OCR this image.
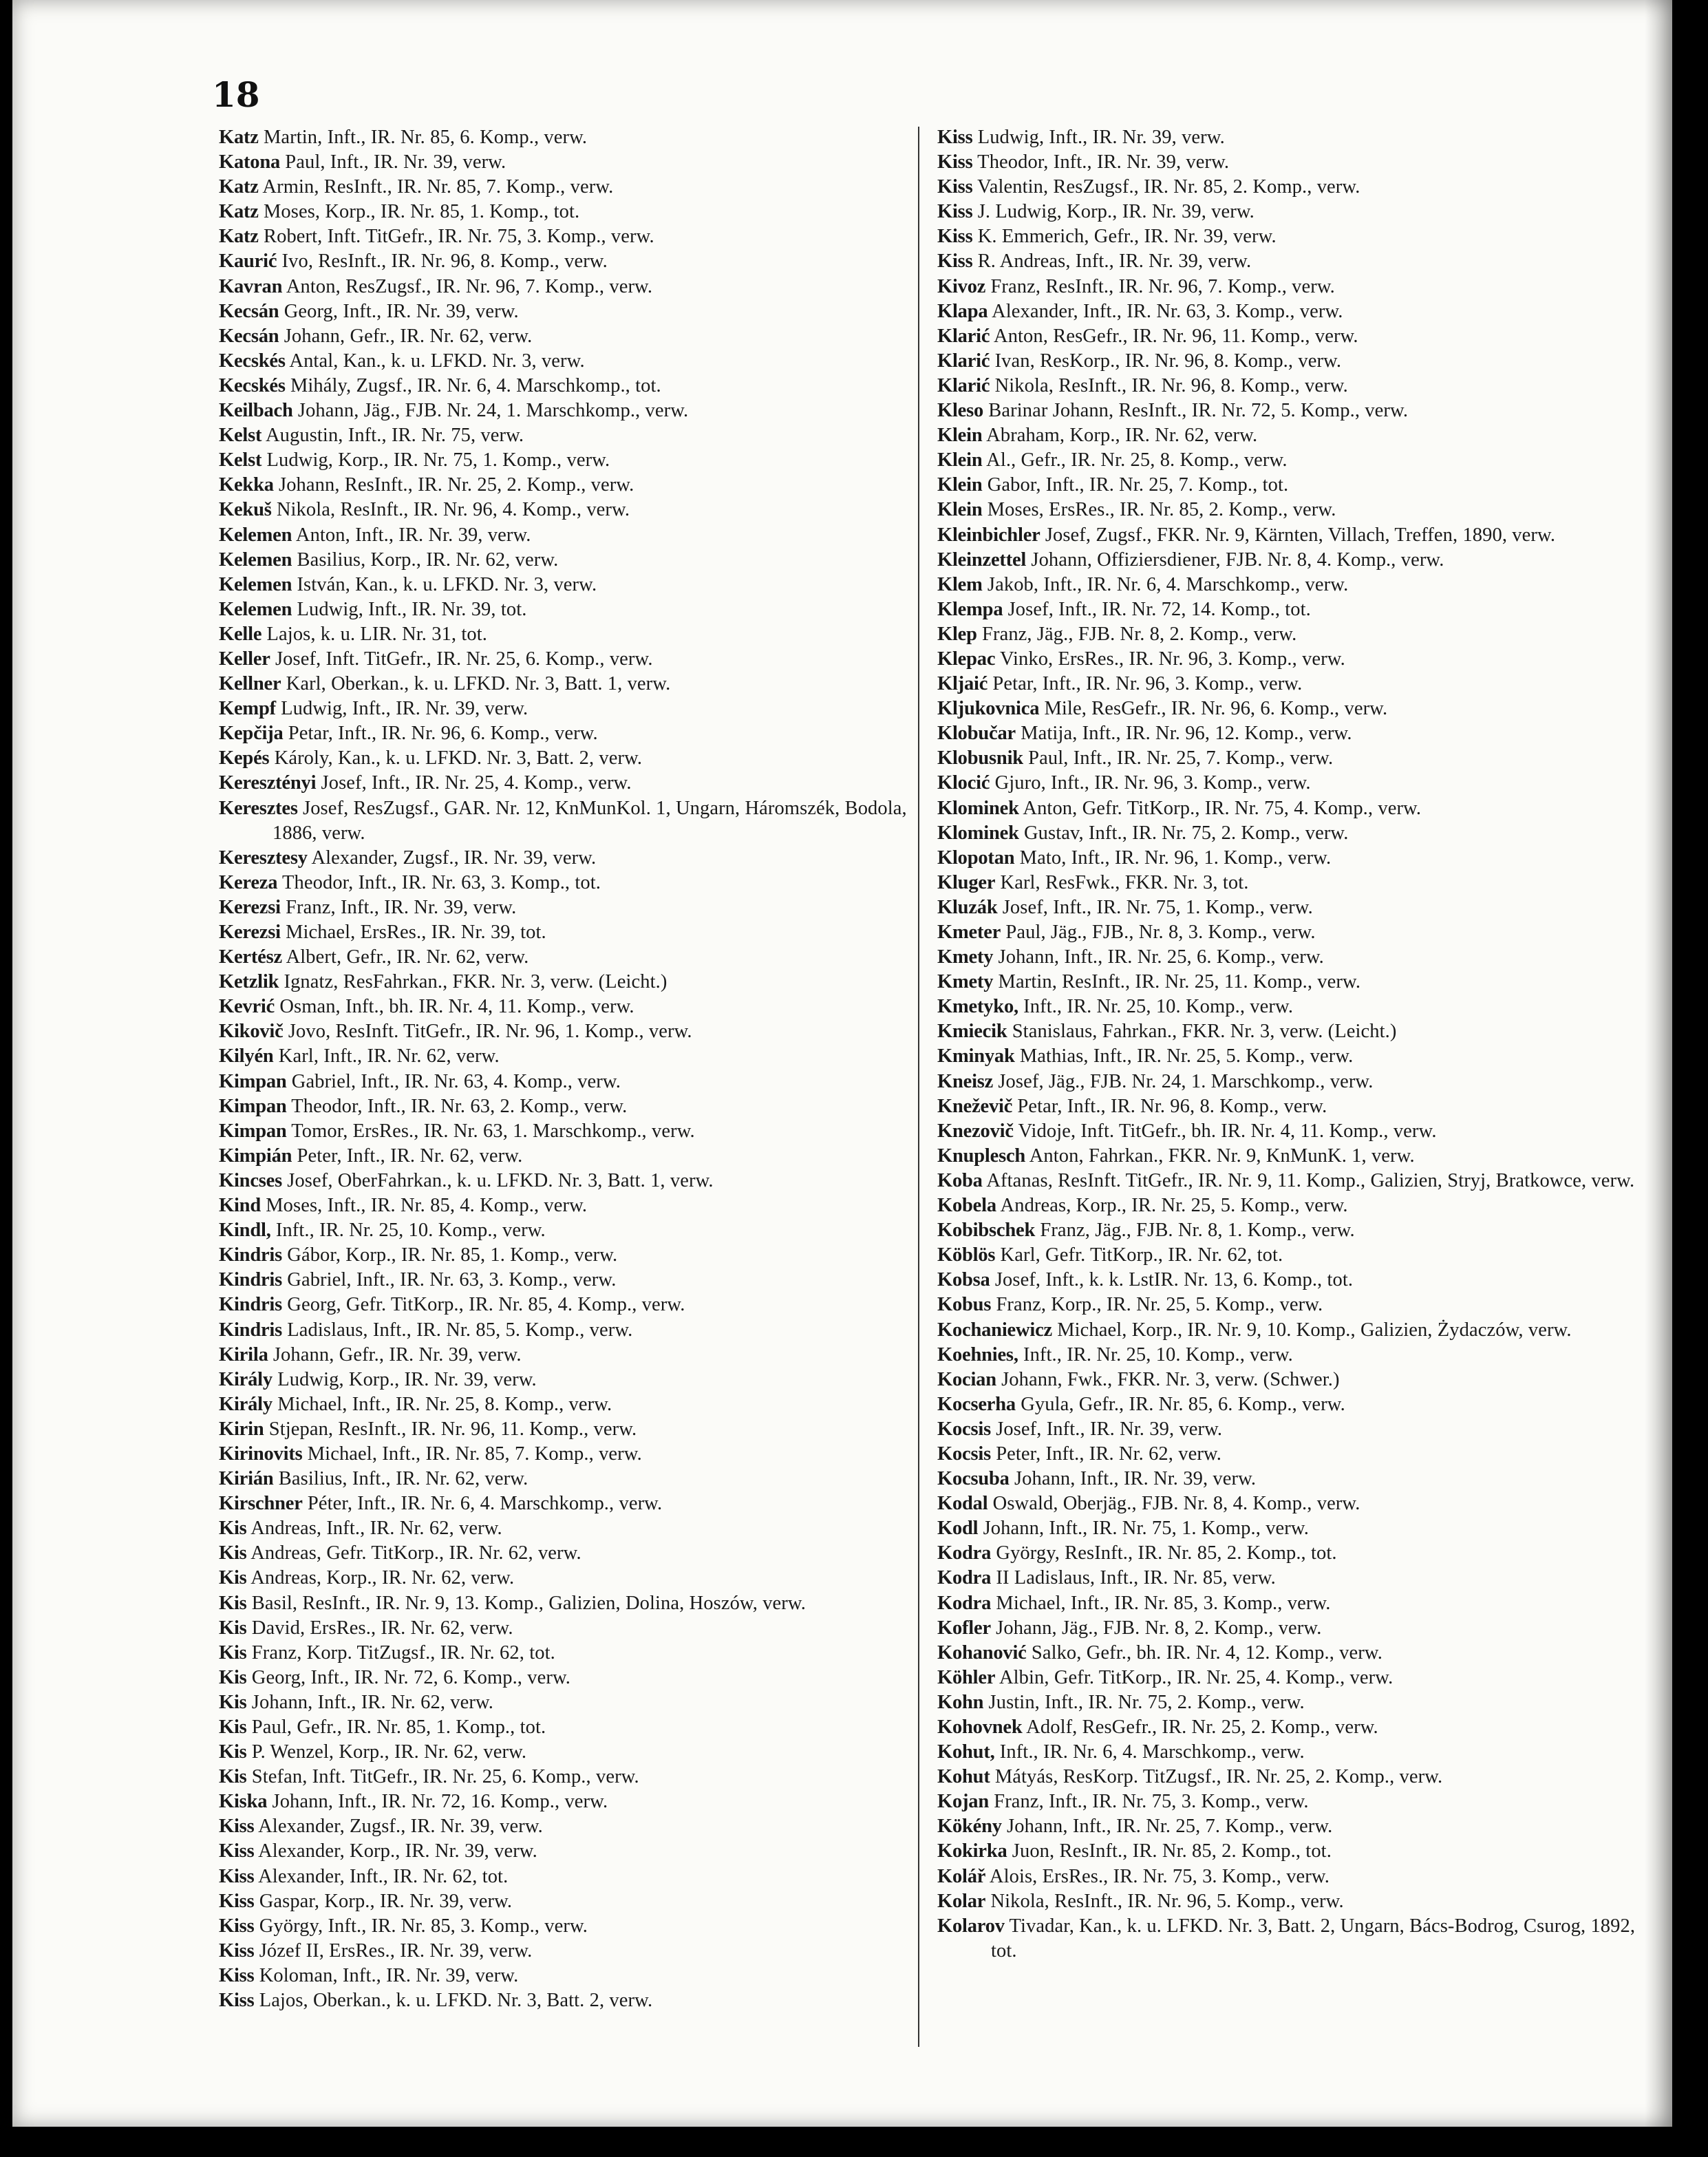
18
Katz Martin, Inft., IR. Nr. 85, 6. Komp., verw.
Katona Paul, Inft., IR. Nr. 39, verw.
Katz Armin, ResInft., IR. Nr. 85, 7. Komp., verw.
Katz Moses, Korp., IR. Nr. 85, 1. Komp., tot.
Katz Robert, Inft. TitGefr., IR. Nr. 75, 3. Komp., verw.
Kaurić Ivo, ResInft., IR. Nr. 96, 8. Komp., verw.
Kavran Anton, ResZugsf., IR. Nr. 96, 7. Komp., verw.
Kecsán Georg, Inft., IR. Nr. 39, verw.
Kecsán Johann, Gefr., IR. Nr. 62, verw.
Kecskés Antal, Kan., k. u. LFKD. Nr. 3, verw.
Kecskés Mihály, Zugsf., IR. Nr. 6, 4. Marschkomp., tot.
Keilbach Johann, Jäg., FJB. Nr. 24, 1. Marschkomp., verw.
Kelst Augustin, Inft., IR. Nr. 75, verw.
Kelst Ludwig, Korp., IR. Nr. 75, 1. Komp., verw.
Kekka Johann, ResInft., IR. Nr. 25, 2. Komp., verw.
Kekuš Nikola, ResInft., IR. Nr. 96, 4. Komp., verw.
Kelemen Anton, Inft., IR. Nr. 39, verw.
Kelemen Basilius, Korp., IR. Nr. 62, verw.
Kelemen István, Kan., k. u. LFKD. Nr. 3, verw.
Kelemen Ludwig, Inft., IR. Nr. 39, tot.
Kelle Lajos, k. u. LIR. Nr. 31, tot.
Keller Josef, Inft. TitGefr., IR. Nr. 25, 6. Komp., verw.
Kellner Karl, Oberkan., k. u. LFKD. Nr. 3, Batt. 1, verw.
Kempf Ludwig, Inft., IR. Nr. 39, verw.
Kepčija Petar, Inft., IR. Nr. 96, 6. Komp., verw.
Kepés Károly, Kan., k. u. LFKD. Nr. 3, Batt. 2, verw.
Keresztényi Josef, Inft., IR. Nr. 25, 4. Komp., verw.
Keresztes Josef, ResZugsf., GAR. Nr. 12, KnMunKol. 1, Ungarn, Háromszék, Bodola, 1886, verw.
Keresztesy Alexander, Zugsf., IR. Nr. 39, verw.
Kereza Theodor, Inft., IR. Nr. 63, 3. Komp., tot.
Kerezsi Franz, Inft., IR. Nr. 39, verw.
Kerezsi Michael, ErsRes., IR. Nr. 39, tot.
Kertész Albert, Gefr., IR. Nr. 62, verw.
Ketzlik Ignatz, ResFahrkan., FKR. Nr. 3, verw. (Leicht.)
Kevrić Osman, Inft., bh. IR. Nr. 4, 11. Komp., verw.
Kikovič Jovo, ResInft. TitGefr., IR. Nr. 96, 1. Komp., verw.
Kilyén Karl, Inft., IR. Nr. 62, verw.
Kimpan Gabriel, Inft., IR. Nr. 63, 4. Komp., verw.
Kimpan Theodor, Inft., IR. Nr. 63, 2. Komp., verw.
Kimpan Tomor, ErsRes., IR. Nr. 63, 1. Marschkomp., verw.
Kimpián Peter, Inft., IR. Nr. 62, verw.
Kincses Josef, OberFahrkan., k. u. LFKD. Nr. 3, Batt. 1, verw.
Kind Moses, Inft., IR. Nr. 85, 4. Komp., verw.
Kindl, Inft., IR. Nr. 25, 10. Komp., verw.
Kindris Gábor, Korp., IR. Nr. 85, 1. Komp., verw.
Kindris Gabriel, Inft., IR. Nr. 63, 3. Komp., verw.
Kindris Georg, Gefr. TitKorp., IR. Nr. 85, 4. Komp., verw.
Kindris Ladislaus, Inft., IR. Nr. 85, 5. Komp., verw.
Kirila Johann, Gefr., IR. Nr. 39, verw.
Király Ludwig, Korp., IR. Nr. 39, verw.
Király Michael, Inft., IR. Nr. 25, 8. Komp., verw.
Kirin Stjepan, ResInft., IR. Nr. 96, 11. Komp., verw.
Kirinovits Michael, Inft., IR. Nr. 85, 7. Komp., verw.
Kirián Basilius, Inft., IR. Nr. 62, verw.
Kirschner Péter, Inft., IR. Nr. 6, 4. Marschkomp., verw.
Kis Andreas, Inft., IR. Nr. 62, verw.
Kis Andreas, Gefr. TitKorp., IR. Nr. 62, verw.
Kis Andreas, Korp., IR. Nr. 62, verw.
Kis Basil, ResInft., IR. Nr. 9, 13. Komp., Galizien, Dolina, Hoszów, verw.
Kis David, ErsRes., IR. Nr. 62, verw.
Kis Franz, Korp. TitZugsf., IR. Nr. 62, tot.
Kis Georg, Inft., IR. Nr. 72, 6. Komp., verw.
Kis Johann, Inft., IR. Nr. 62, verw.
Kis Paul, Gefr., IR. Nr. 85, 1. Komp., tot.
Kis P. Wenzel, Korp., IR. Nr. 62, verw.
Kis Stefan, Inft. TitGefr., IR. Nr. 25, 6. Komp., verw.
Kiska Johann, Inft., IR. Nr. 72, 16. Komp., verw.
Kiss Alexander, Zugsf., IR. Nr. 39, verw.
Kiss Alexander, Korp., IR. Nr. 39, verw.
Kiss Alexander, Inft., IR. Nr. 62, tot.
Kiss Gaspar, Korp., IR. Nr. 39, verw.
Kiss György, Inft., IR. Nr. 85, 3. Komp., verw.
Kiss Józef II, ErsRes., IR. Nr. 39, verw.
Kiss Koloman, Inft., IR. Nr. 39, verw.
Kiss Lajos, Oberkan., k. u. LFKD. Nr. 3, Batt. 2, verw.
Kiss Ludwig, Inft., IR. Nr. 39, verw.
Kiss Theodor, Inft., IR. Nr. 39, verw.
Kiss Valentin, ResZugsf., IR. Nr. 85, 2. Komp., verw.
Kiss J. Ludwig, Korp., IR. Nr. 39, verw.
Kiss K. Emmerich, Gefr., IR. Nr. 39, verw.
Kiss R. Andreas, Inft., IR. Nr. 39, verw.
Kivoz Franz, ResInft., IR. Nr. 96, 7. Komp., verw.
Klapa Alexander, Inft., IR. Nr. 63, 3. Komp., verw.
Klarić Anton, ResGefr., IR. Nr. 96, 11. Komp., verw.
Klarić Ivan, ResKorp., IR. Nr. 96, 8. Komp., verw.
Klarić Nikola, ResInft., IR. Nr. 96, 8. Komp., verw.
Kleso Barinar Johann, ResInft., IR. Nr. 72, 5. Komp., verw.
Klein Abraham, Korp., IR. Nr. 62, verw.
Klein Al., Gefr., IR. Nr. 25, 8. Komp., verw.
Klein Gabor, Inft., IR. Nr. 25, 7. Komp., tot.
Klein Moses, ErsRes., IR. Nr. 85, 2. Komp., verw.
Kleinbichler Josef, Zugsf., FKR. Nr. 9, Kärnten, Villach, Treffen, 1890, verw.
Kleinzettel Johann, Offiziersdiener, FJB. Nr. 8, 4. Komp., verw.
Klem Jakob, Inft., IR. Nr. 6, 4. Marschkomp., verw.
Klempa Josef, Inft., IR. Nr. 72, 14. Komp., tot.
Klep Franz, Jäg., FJB. Nr. 8, 2. Komp., verw.
Klepac Vinko, ErsRes., IR. Nr. 96, 3. Komp., verw.
Kljaić Petar, Inft., IR. Nr. 96, 3. Komp., verw.
Kljukovnica Mile, ResGefr., IR. Nr. 96, 6. Komp., verw.
Klobučar Matija, Inft., IR. Nr. 96, 12. Komp., verw.
Klobusnik Paul, Inft., IR. Nr. 25, 7. Komp., verw.
Klocić Gjuro, Inft., IR. Nr. 96, 3. Komp., verw.
Klominek Anton, Gefr. TitKorp., IR. Nr. 75, 4. Komp., verw.
Klominek Gustav, Inft., IR. Nr. 75, 2. Komp., verw.
Klopotan Mato, Inft., IR. Nr. 96, 1. Komp., verw.
Kluger Karl, ResFwk., FKR. Nr. 3, tot.
Kluzák Josef, Inft., IR. Nr. 75, 1. Komp., verw.
Kmeter Paul, Jäg., FJB., Nr. 8, 3. Komp., verw.
Kmety Johann, Inft., IR. Nr. 25, 6. Komp., verw.
Kmety Martin, ResInft., IR. Nr. 25, 11. Komp., verw.
Kmetyko, Inft., IR. Nr. 25, 10. Komp., verw.
Kmiecik Stanislaus, Fahrkan., FKR. Nr. 3, verw. (Leicht.)
Kminyak Mathias, Inft., IR. Nr. 25, 5. Komp., verw.
Kneisz Josef, Jäg., FJB. Nr. 24, 1. Marschkomp., verw.
Kneževič Petar, Inft., IR. Nr. 96, 8. Komp., verw.
Knezovič Vidoje, Inft. TitGefr., bh. IR. Nr. 4, 11. Komp., verw.
Knuplesch Anton, Fahrkan., FKR. Nr. 9, KnMunK. 1, verw.
Koba Aftanas, ResInft. TitGefr., IR. Nr. 9, 11. Komp., Galizien, Stryj, Bratkowce, verw.
Kobela Andreas, Korp., IR. Nr. 25, 5. Komp., verw.
Kobibschek Franz, Jäg., FJB. Nr. 8, 1. Komp., verw.
Köblös Karl, Gefr. TitKorp., IR. Nr. 62, tot.
Kobsa Josef, Inft., k. k. LstIR. Nr. 13, 6. Komp., tot.
Kobus Franz, Korp., IR. Nr. 25, 5. Komp., verw.
Kochaniewicz Michael, Korp., IR. Nr. 9, 10. Komp., Galizien, Żydaczów, verw.
Koehnies, Inft., IR. Nr. 25, 10. Komp., verw.
Kocian Johann, Fwk., FKR. Nr. 3, verw. (Schwer.)
Kocserha Gyula, Gefr., IR. Nr. 85, 6. Komp., verw.
Kocsis Josef, Inft., IR. Nr. 39, verw.
Kocsis Peter, Inft., IR. Nr. 62, verw.
Kocsuba Johann, Inft., IR. Nr. 39, verw.
Kodal Oswald, Oberjäg., FJB. Nr. 8, 4. Komp., verw.
Kodl Johann, Inft., IR. Nr. 75, 1. Komp., verw.
Kodra György, ResInft., IR. Nr. 85, 2. Komp., tot.
Kodra II Ladislaus, Inft., IR. Nr. 85, verw.
Kodra Michael, Inft., IR. Nr. 85, 3. Komp., verw.
Kofler Johann, Jäg., FJB. Nr. 8, 2. Komp., verw.
Kohanović Salko, Gefr., bh. IR. Nr. 4, 12. Komp., verw.
Köhler Albin, Gefr. TitKorp., IR. Nr. 25, 4. Komp., verw.
Kohn Justin, Inft., IR. Nr. 75, 2. Komp., verw.
Kohovnek Adolf, ResGefr., IR. Nr. 25, 2. Komp., verw.
Kohut, Inft., IR. Nr. 6, 4. Marschkomp., verw.
Kohut Mátyás, ResKorp. TitZugsf., IR. Nr. 25, 2. Komp., verw.
Kojan Franz, Inft., IR. Nr. 75, 3. Komp., verw.
Kökény Johann, Inft., IR. Nr. 25, 7. Komp., verw.
Kokirka Juon, ResInft., IR. Nr. 85, 2. Komp., tot.
Kolář Alois, ErsRes., IR. Nr. 75, 3. Komp., verw.
Kolar Nikola, ResInft., IR. Nr. 96, 5. Komp., verw.
Kolarov Tivadar, Kan., k. u. LFKD. Nr. 3, Batt. 2, Ungarn, Bács-Bodrog, Csurog, 1892, tot.
